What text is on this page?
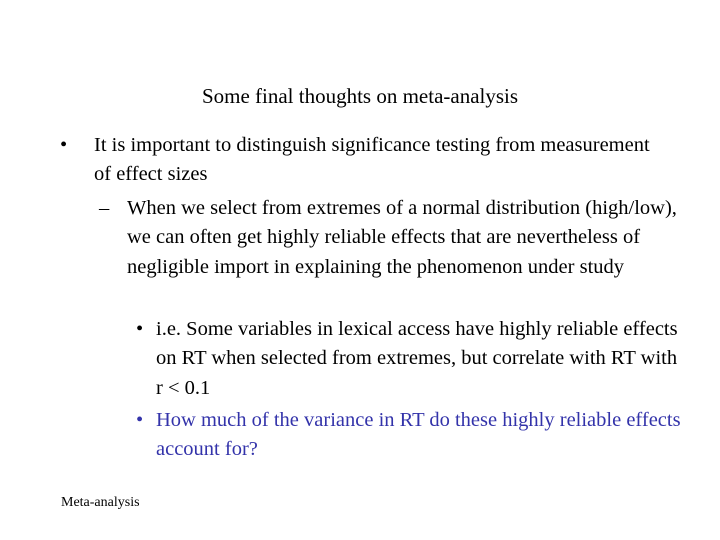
Some final thoughts on meta-analysis
• It is important to distinguish significance testing from measurement of effect sizes
– When we select from extremes of a normal distribution (high/low), we can often get highly reliable effects that are nevertheless of negligible import in explaining the phenomenon under study
• i.e. Some variables in lexical access have highly reliable effects on RT when selected from extremes, but correlate with RT with r < 0.1
• How much of the variance in RT do these highly reliable effects account for?
Meta-analysis
